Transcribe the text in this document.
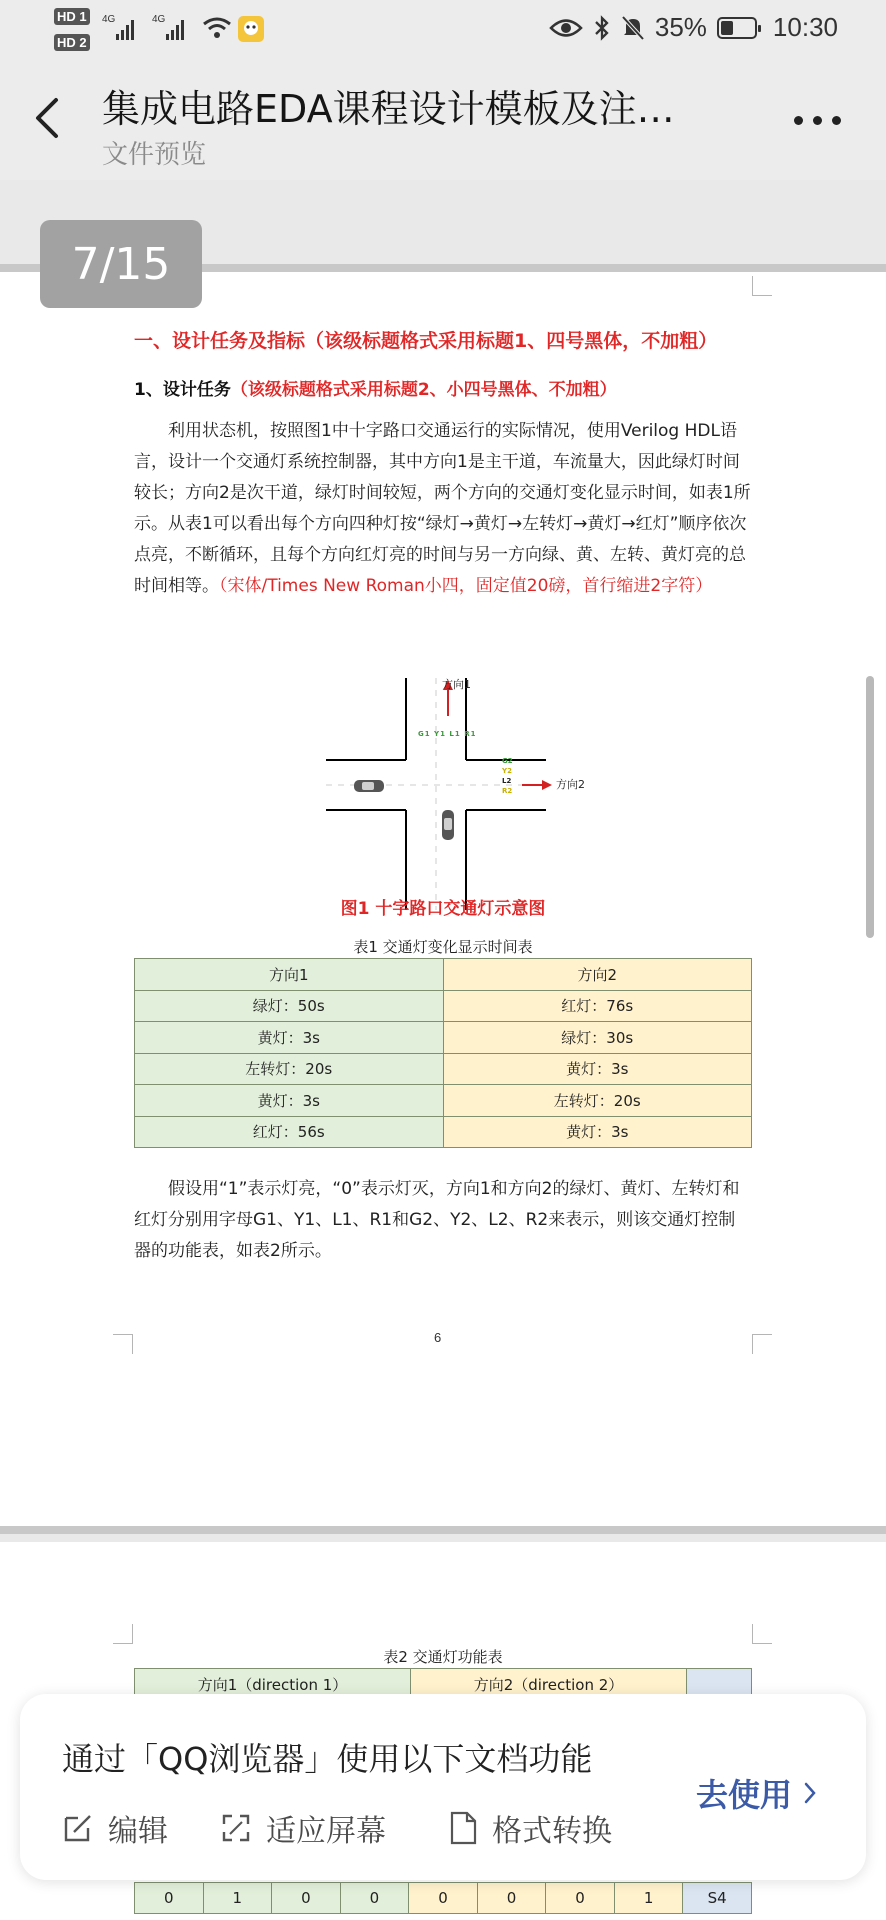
HD 1
HD 2
4G	4G	35%	10:30
集成电路EDA课程设计模板及注…
文件预览
一、设计任务及指标（该级标题格式采用标题1、四号黑体，不加粗）
1、设计任务（该级标题格式采用标题2、小四号黑体、不加粗）
利用状态机，按照图1中十字路口交通运行的实际情况，使用Verilog HDL语言，设计一个交通灯系统控制器，其中方向1是主干道，车流量大，因此绿灯时间较长；方向2是次干道，绿灯时间较短，两个方向的交通灯变化显示时间，如表1所示。从表1可以看出每个方向四种灯按“绿灯→黄灯→左转灯→黄灯→红灯”顺序依次点亮，不断循环，且每个方向红灯亮的时间与另一方向绿、黄、左转、黄灯亮的总时间相等。（宋体/Times New Roman小四，固定值20磅，首行缩进2字符）
方向1
方向2
G1 Y1 L1 R1
G2
Y2
L2
R2
图1 十字路口交通灯示意图
表1 交通灯变化显示时间表
方向1	方向2
绿灯：50s	红灯：76s
黄灯：3s	绿灯：30s
左转灯：20s	黄灯：3s
黄灯：3s	左转灯：20s
红灯：56s	黄灯：3s
假设用“1”表示灯亮，“0”表示灯灭，方向1和方向2的绿灯、黄灯、左转灯和红灯分别用字母G1、Y1、L1、R1和G2、Y2、L2、R2来表示，则该交通灯控制器的功能表，如表2所示。
6
表2 交通灯功能表
方向1（direction 1）	方向2（direction 2）	
0	1	0	0	0	0	0	1	S4
7/15
通过「QQ浏览器」使用以下文档功能
编辑	适应屏幕	格式转换
去使用
